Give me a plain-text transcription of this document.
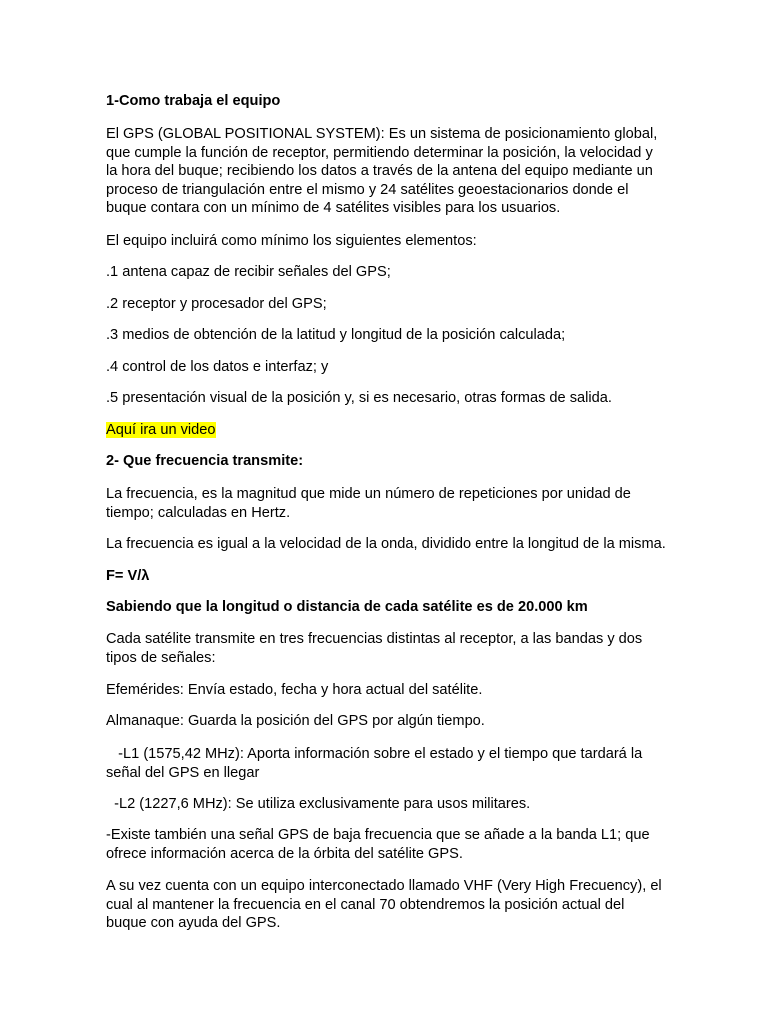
1-Como trabaja el equipo

El GPS (GLOBAL POSITIONAL SYSTEM): Es un sistema de posicionamiento global, que cumple la función de receptor, permitiendo determinar la posición, la velocidad y la hora del buque; recibiendo los datos a través de la antena del equipo mediante un proceso de triangulación entre el mismo y 24 satélites geoestacionarios donde el buque contara con un mínimo de 4 satélites visibles para los usuarios.

El equipo incluirá como mínimo los siguientes elementos:

.1 antena capaz de recibir señales del GPS;

.2 receptor y procesador del GPS;

.3 medios de obtención de la latitud y longitud de la posición calculada;

.4 control de los datos e interfaz; y

.5 presentación visual de la posición y, si es necesario, otras formas de salida.

Aquí ira un video

2- Que frecuencia transmite:

La frecuencia, es la magnitud que mide un número de repeticiones por unidad de tiempo; calculadas en Hertz.

La frecuencia es igual a la velocidad de la onda, dividido entre la longitud de la misma.

F= V/λ

Sabiendo que la longitud o distancia de cada satélite es de 20.000 km

Cada satélite transmite en tres frecuencias distintas al receptor, a las bandas y dos tipos de señales:

Efemérides: Envía estado, fecha y hora actual del satélite.

Almanaque: Guarda la posición del GPS por algún tiempo.

-L1 (1575,42 MHz): Aporta información sobre el estado y el tiempo que tardará la señal del GPS en llegar

-L2 (1227,6 MHz): Se utiliza exclusivamente para usos militares.

-Existe también una señal GPS de baja frecuencia que se añade a la banda L1; que ofrece información acerca de la órbita del satélite GPS.

A su vez cuenta con un equipo interconectado llamado VHF (Very High Frecuency), el cual al mantener la frecuencia en el canal 70 obtendremos la posición actual del buque con ayuda del GPS.
